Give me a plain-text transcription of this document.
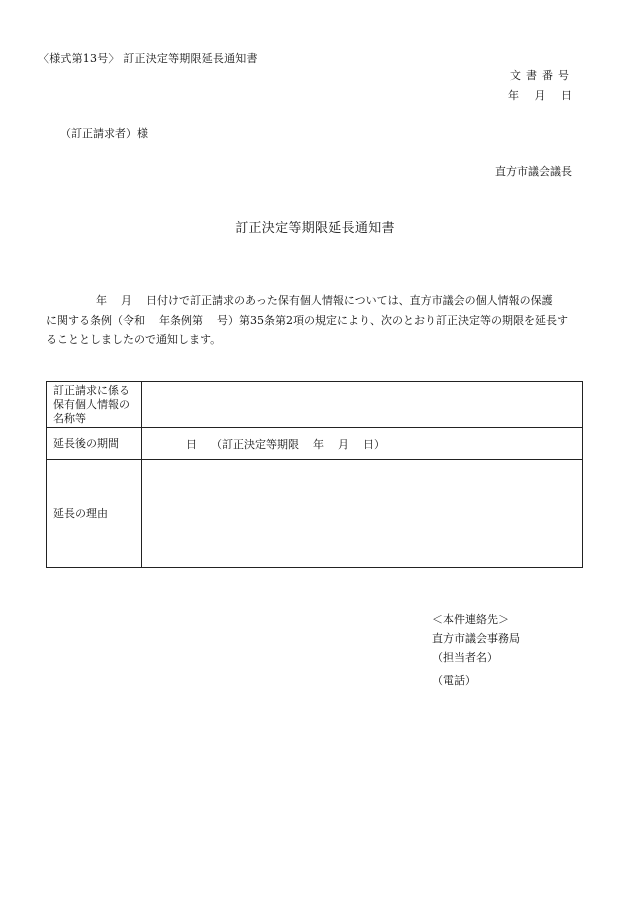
〈様式第13号〉 訂正決定等期限延長通知書
文書番号
年 月 日
（訂正請求者）様
直方市議会議長
訂正決定等期限延長通知書

年 月 日付けで訂正請求のあった保有個人情報については、直方市議会の個人情報の保護

に関する条例（令和 年条例第 号）第35条第2項の規定により、次のとおり訂正決定等の期限を延長す

ることとしましたので通知します。

訂正請求に係る保有個人情報の名称等	
延長後の期間	日 （訂正決定等期限 年 月 日）
延長の理由	
＜本件連絡先＞
直方市議会事務局
（担当者名）
（電話）
